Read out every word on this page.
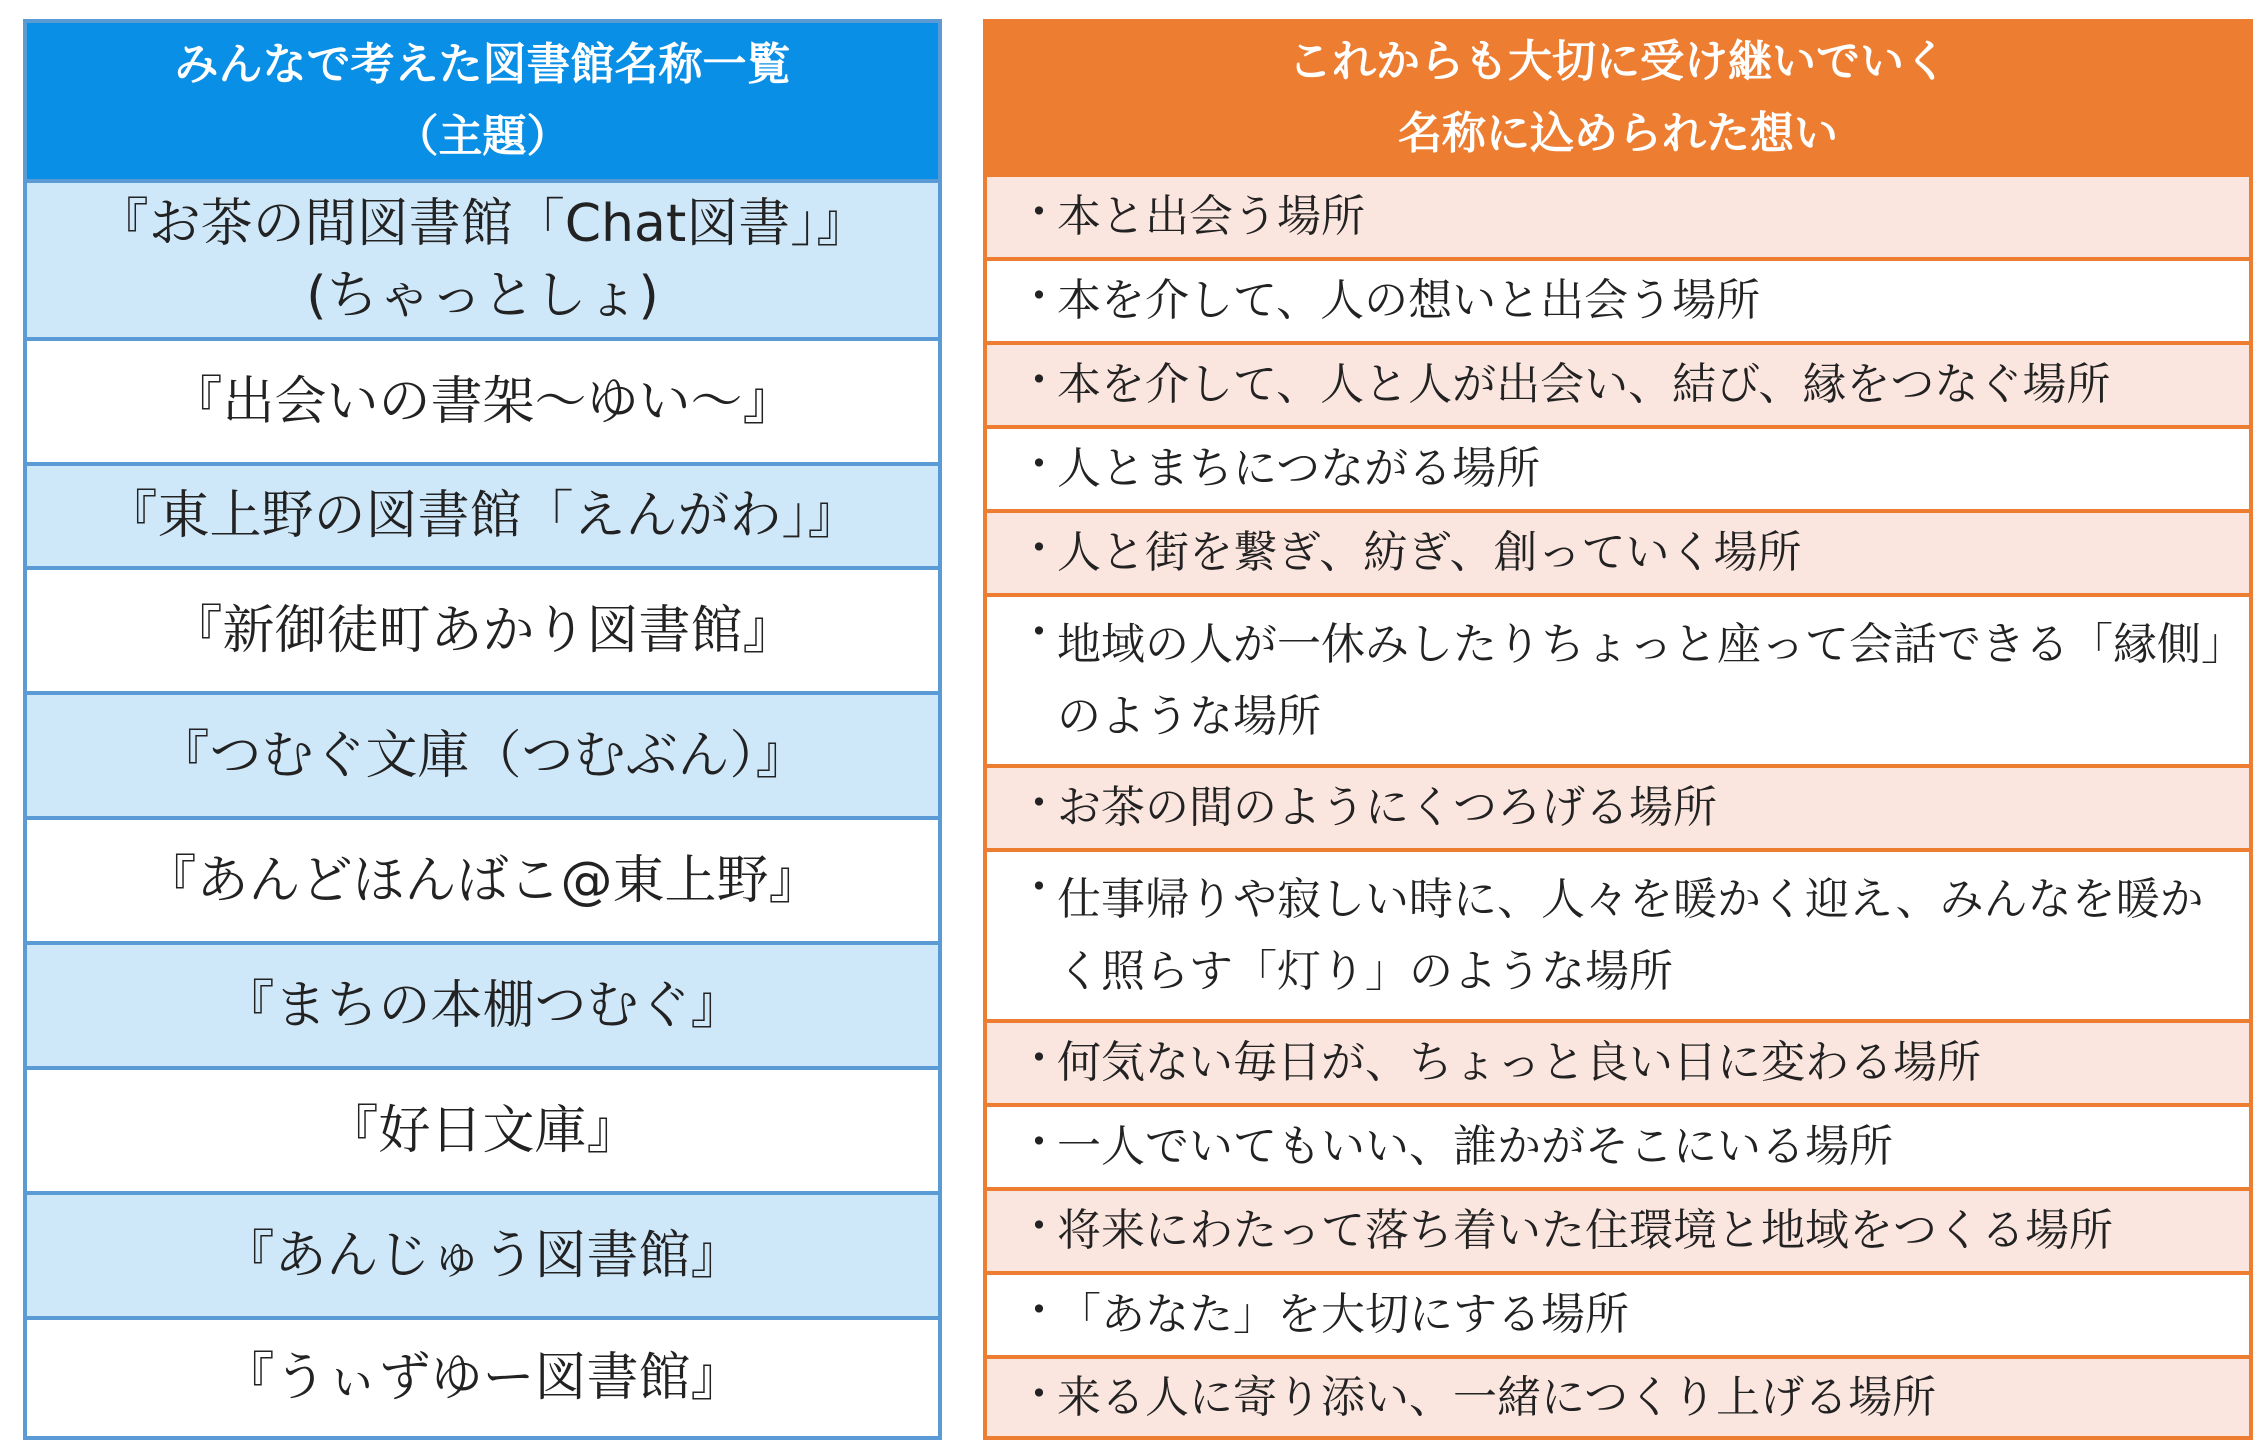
みんなで考えた図書館名称一覧
（主題）
『お茶の間図書館「Chat図書」』
(ちゃっとしょ)
『出会いの書架～ゆい～』
『東上野の図書館「えんがわ」』
『新御徒町あかり図書館』
『つむぐ文庫（つむぶん）』
『あんどほんばこ@東上野』
『まちの本棚つむぐ』
『好日文庫』
『あんじゅう図書館』
『うぃずゆー図書館』
これからも大切に受け継いでいく
名称に込められた想い
・
本と出会う場所
・
本を介して、人の想いと出会う場所
・
本を介して、人と人が出会い、結び、縁をつなぐ場所
・
人とまちにつながる場所
・
人と街を繋ぎ、紡ぎ、創っていく場所
・
地域の人が一休みしたりちょっと座って会話できる「縁側」のような場所
・
お茶の間のようにくつろげる場所
・
仕事帰りや寂しい時に、人々を暖かく迎え、みんなを暖かく照らす「灯り」のような場所
・
何気ない毎日が、ちょっと良い日に変わる場所
・
一人でいてもいい、誰かがそこにいる場所
・
将来にわたって落ち着いた住環境と地域をつくる場所
・
「あなた」を大切にする場所
・
来る人に寄り添い、一緒につくり上げる場所
